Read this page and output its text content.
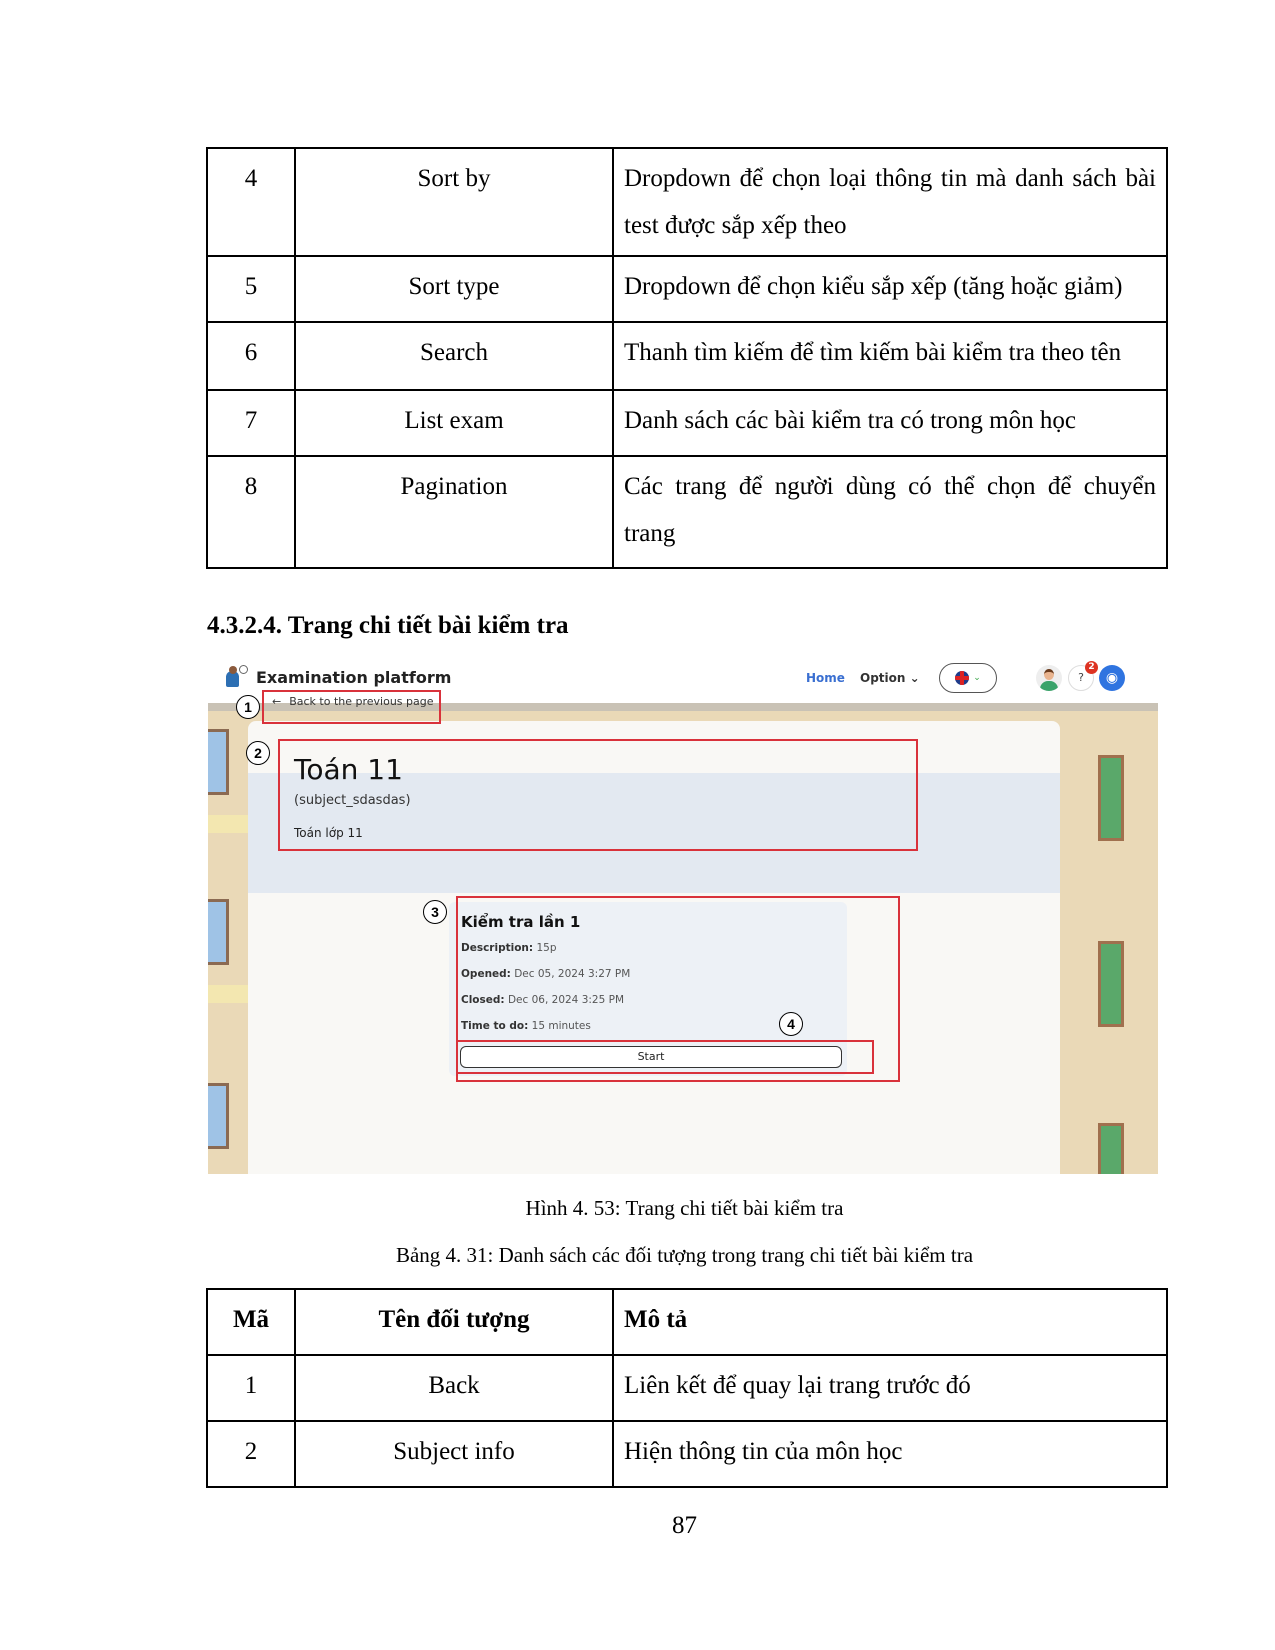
4	Sort by	Dropdown để chọn loại thông tin mà danh sách bài test được sắp xếp theo
5	Sort type	Dropdown để chọn kiểu sắp xếp (tăng hoặc giảm)
6	Search	Thanh tìm kiếm để tìm kiếm bài kiểm tra theo tên
7	List exam	Danh sách các bài kiểm tra có trong môn học
8	Pagination	Các trang để người dùng có thể chọn để chuyển trang
4.3.2.4. Trang chi tiết bài kiểm tra
Examination platform	Home Option ⌄	⌄	?
2
◉
← Back to the previous page
1
Toán 11
(subject_sdasdas)
Toán lớp 11
2
Kiểm tra lần 1
Description: 15p
Opened: Dec 05, 2024 3:27 PM
Closed: Dec 06, 2024 3:25 PM
Time to do: 15 minutes
Start
4
3
Hình 4. 53: Trang chi tiết bài kiểm tra
Bảng 4. 31: Danh sách các đối tượng trong trang chi tiết bài kiểm tra
Mã	Tên đối tượng	Mô tả
1	Back	Liên kết để quay lại trang trước đó
2	Subject info	Hiện thông tin của môn học
87
